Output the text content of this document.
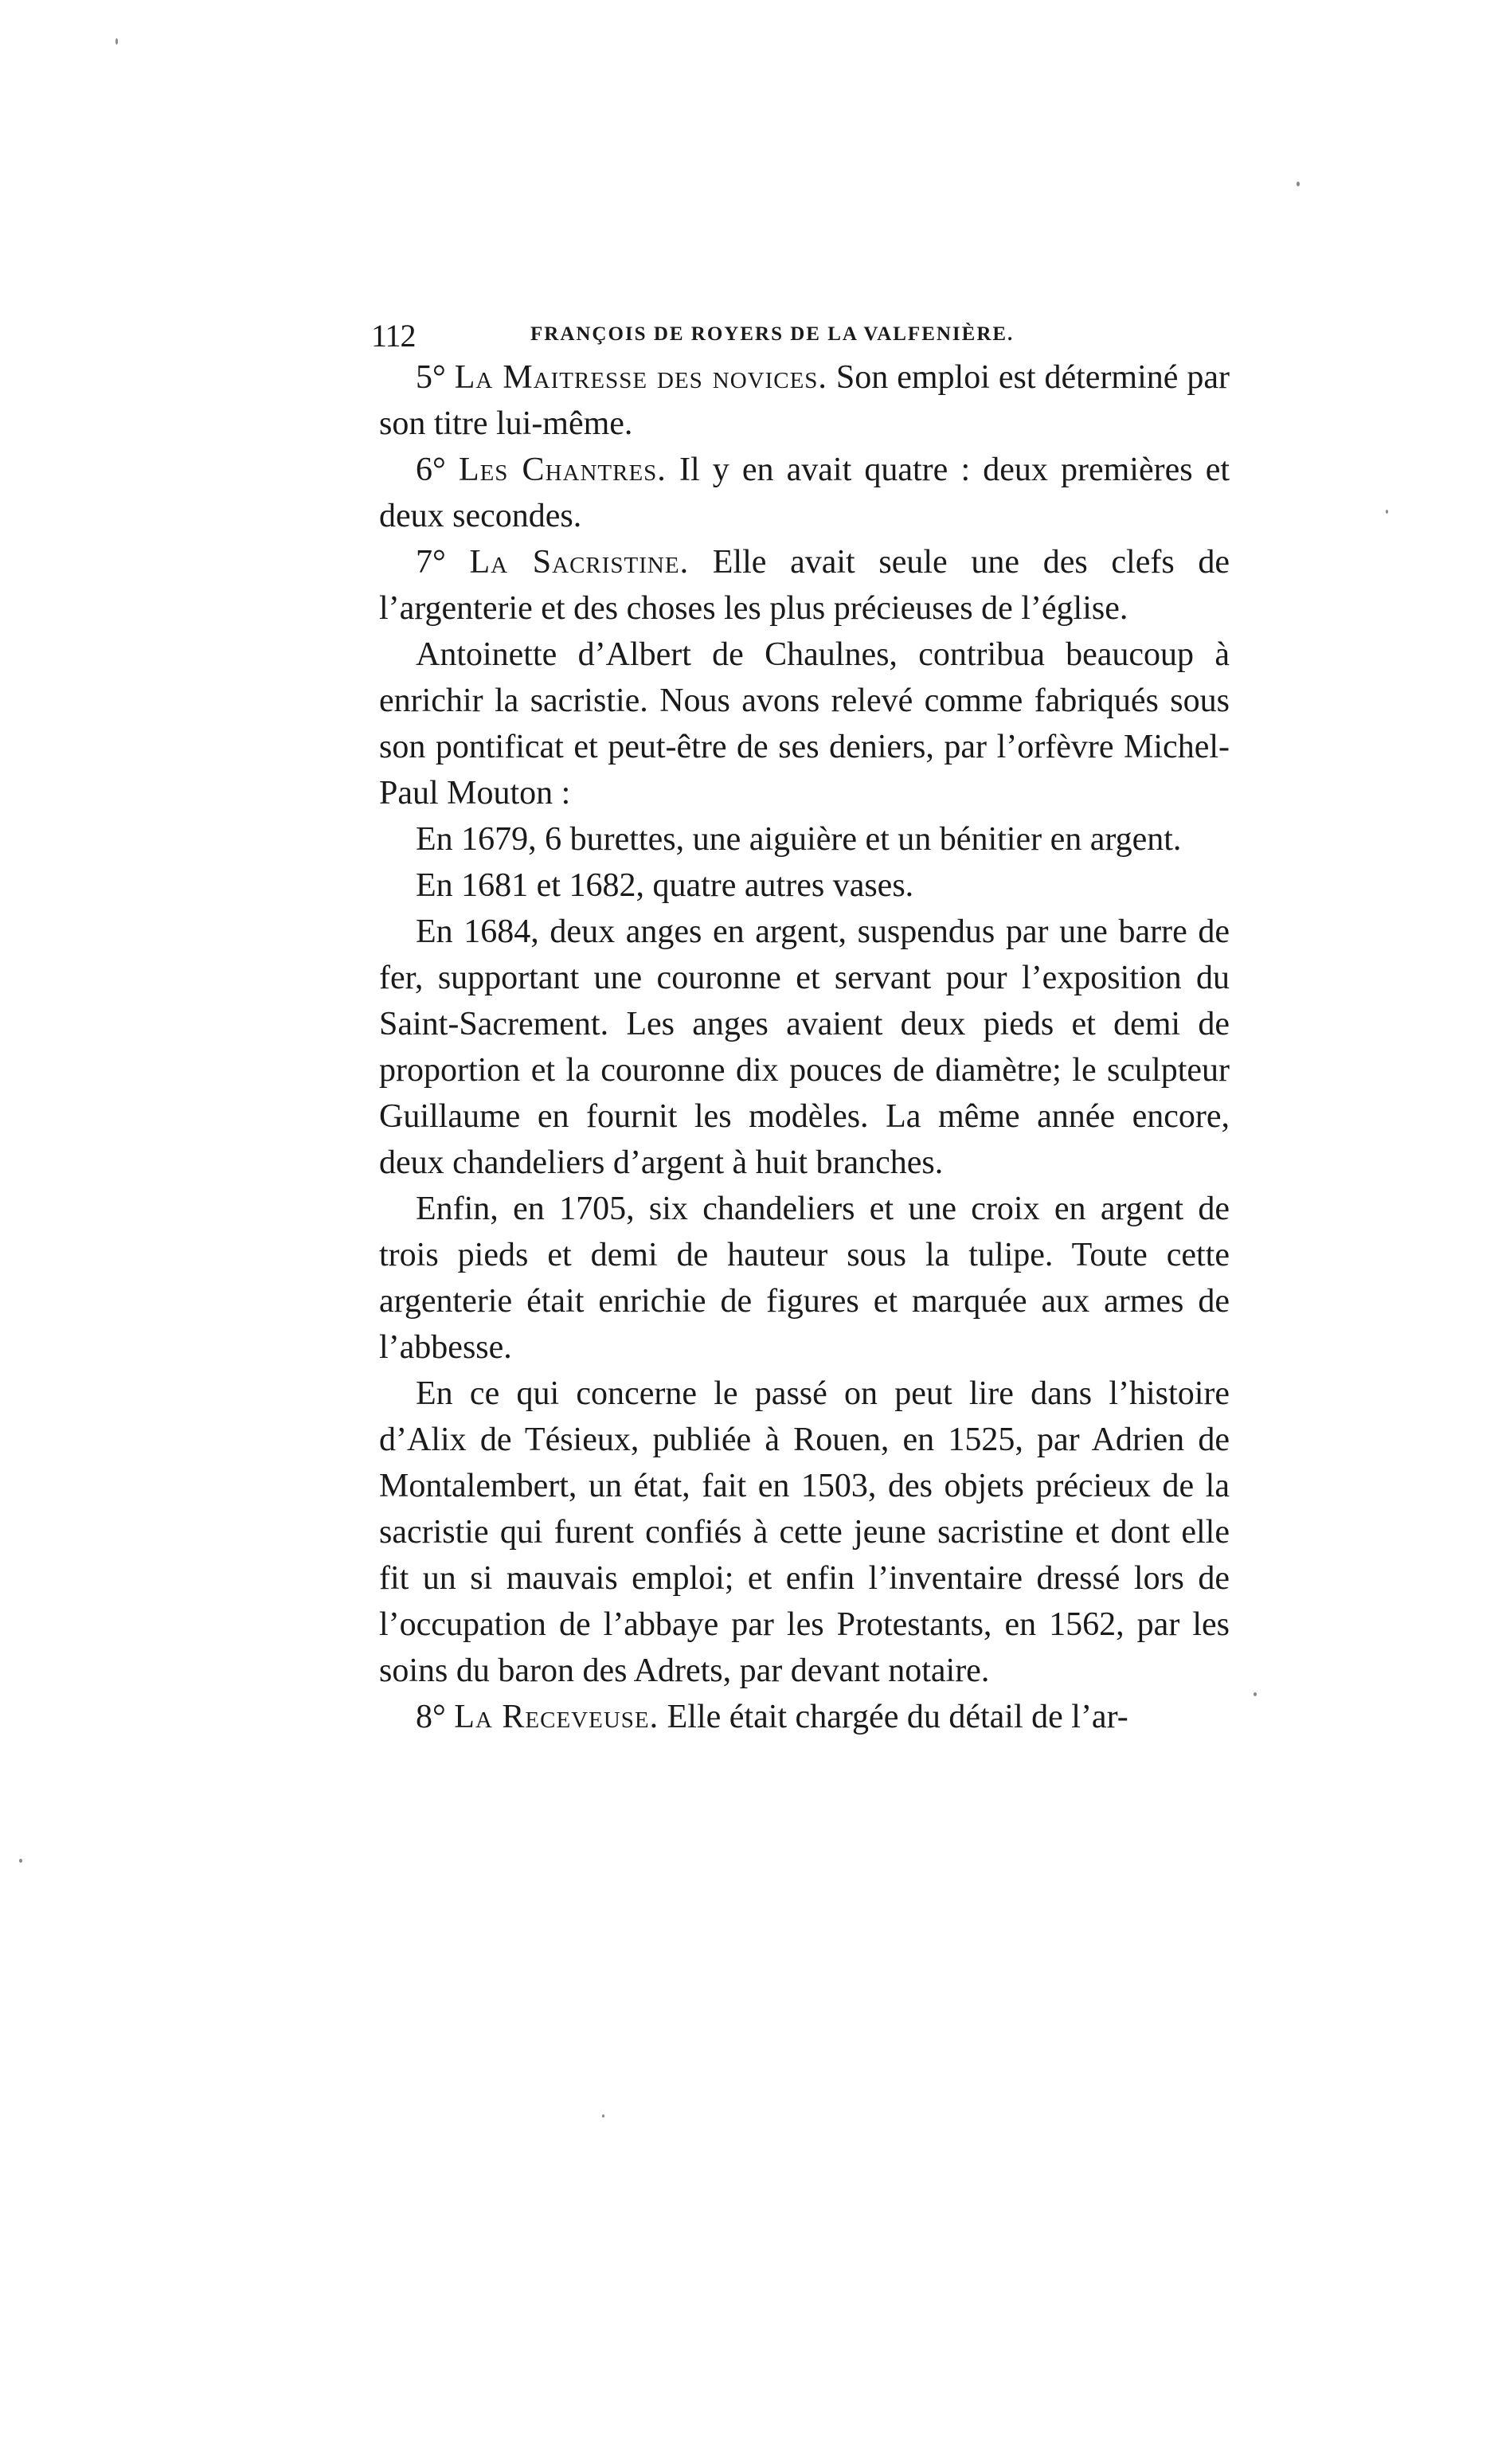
112	FRANÇOIS DE ROYERS DE LA VALFENIÈRE.

5° La Maitresse des novices. Son emploi est déterminé par son titre lui-même.

6° Les Chantres. Il y en avait quatre : deux premières et deux secondes.

7° La Sacristine. Elle avait seule une des clefs de l’argenterie et des choses les plus précieuses de l’église.

Antoinette d’Albert de Chaulnes, contribua beaucoup à enrichir la sacristie. Nous avons relevé comme fabriqués sous son pontificat et peut-être de ses deniers, par l’orfèvre Michel-Paul Mouton :

En 1679, 6 burettes, une aiguière et un bénitier en argent.

En 1681 et 1682, quatre autres vases.

En 1684, deux anges en argent, suspendus par une barre de fer, supportant une couronne et servant pour l’exposition du Saint-Sacrement. Les anges avaient deux pieds et demi de proportion et la couronne dix pouces de diamètre; le sculpteur Guillaume en fournit les modèles. La même année encore, deux chandeliers d’argent à huit branches.

Enfin, en 1705, six chandeliers et une croix en argent de trois pieds et demi de hauteur sous la tulipe. Toute cette argenterie était enrichie de figures et marquée aux armes de l’abbesse.

En ce qui concerne le passé on peut lire dans l’histoire d’Alix de Tésieux, publiée à Rouen, en 1525, par Adrien de Montalembert, un état, fait en 1503, des objets précieux de la sacristie qui furent confiés à cette jeune sacristine et dont elle fit un si mauvais emploi; et enfin l’inventaire dressé lors de l’occupation de l’abbaye par les Protestants, en 1562, par les soins du baron des Adrets, par devant notaire.

8° La Receveuse. Elle était chargée du détail de l’ar-
